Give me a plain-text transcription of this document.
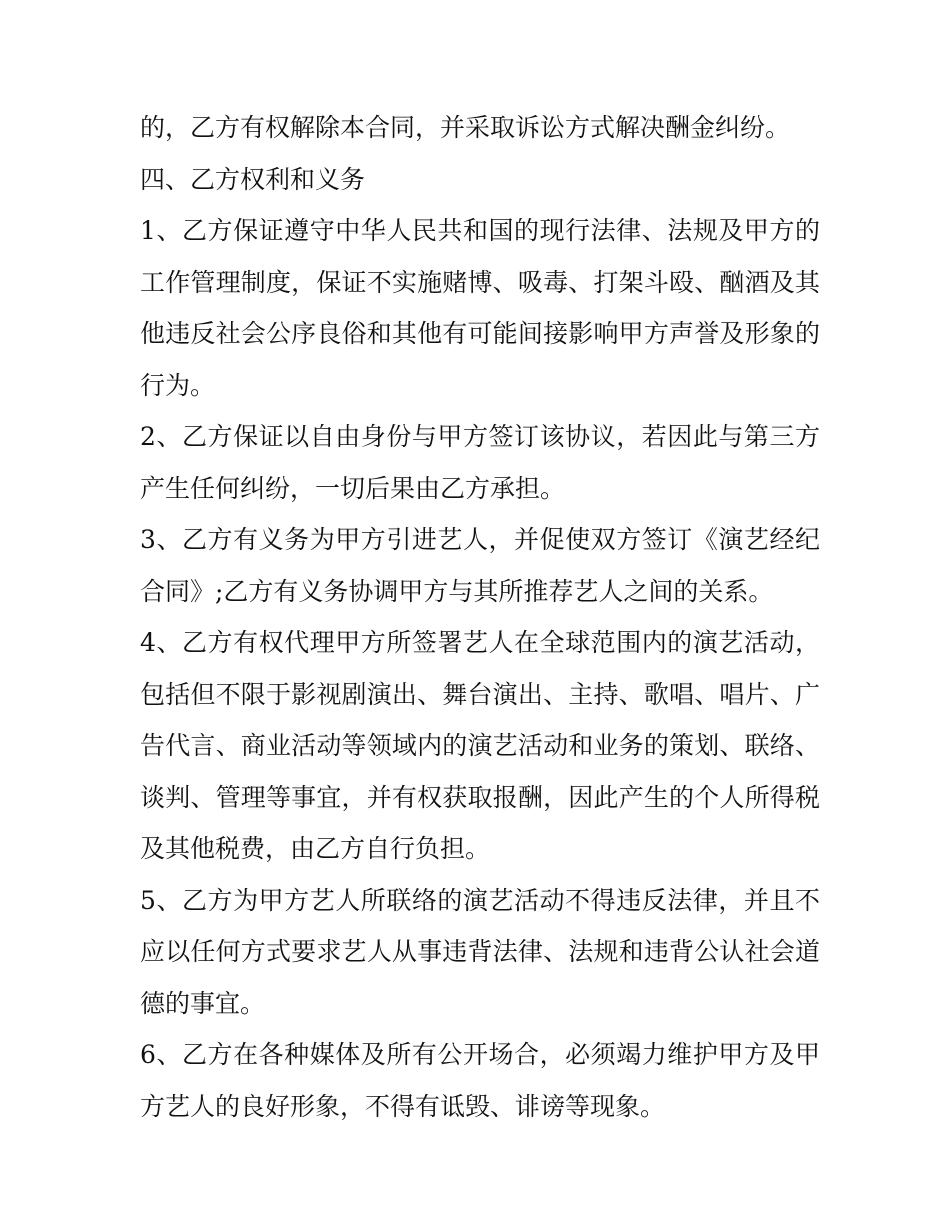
的，乙方有权解除本合同，并采取诉讼方式解决酬金纠纷。

四、乙方权利和义务

1、乙方保证遵守中华人民共和国的现行法律、法规及甲方的工作管理制度，保证不实施赌博、吸毒、打架斗殴、酗酒及其他违反社会公序良俗和其他有可能间接影响甲方声誉及形象的行为。

2、乙方保证以自由身份与甲方签订该协议，若因此与第三方产生任何纠纷，一切后果由乙方承担。

3、乙方有义务为甲方引进艺人，并促使双方签订《演艺经纪合同》;乙方有义务协调甲方与其所推荐艺人之间的关系。

4、乙方有权代理甲方所签署艺人在全球范围内的演艺活动，包括但不限于影视剧演出、舞台演出、主持、歌唱、唱片、广告代言、商业活动等领域内的演艺活动和业务的策划、联络、谈判、管理等事宜，并有权获取报酬，因此产生的个人所得税及其他税费，由乙方自行负担。

5、乙方为甲方艺人所联络的演艺活动不得违反法律，并且不应以任何方式要求艺人从事违背法律、法规和违背公认社会道德的事宜。

6、乙方在各种媒体及所有公开场合，必须竭力维护甲方及甲方艺人的良好形象，不得有诋毁、诽谤等现象。
